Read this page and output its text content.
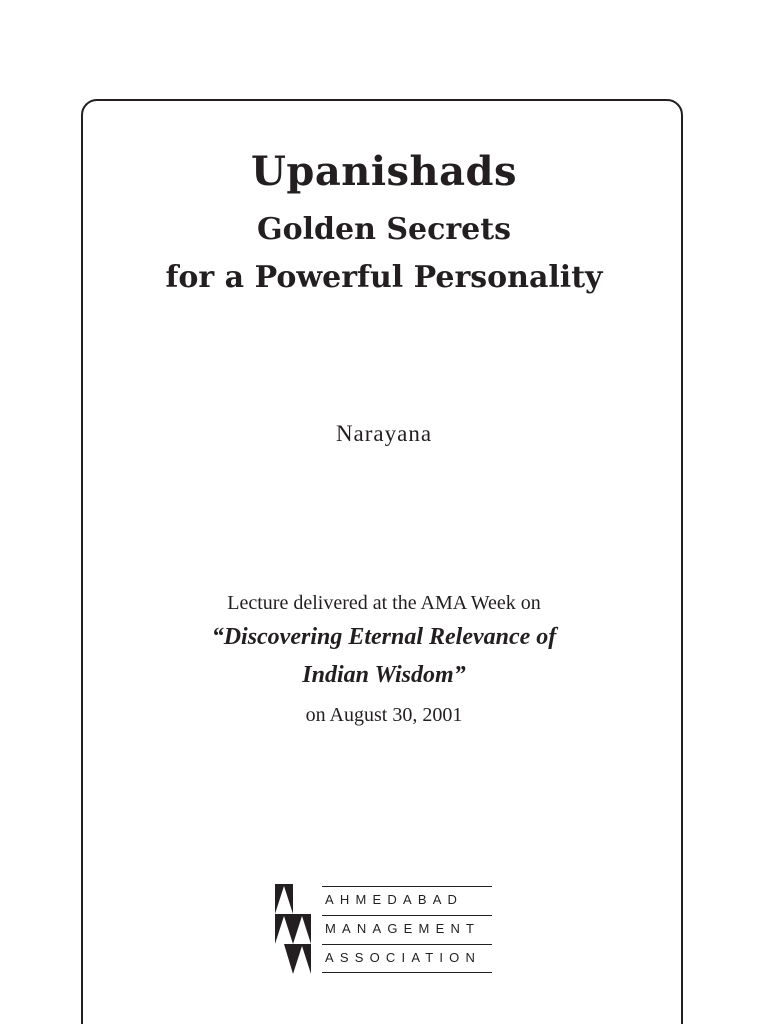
Upanishads
Golden Secrets
for a Powerful Personality
Narayana
Lecture delivered at the AMA Week on
“Discovering Eternal Relevance of
Indian Wisdom”
on August 30, 2001
AHMEDABAD
MANAGEMENT
ASSOCIATION
